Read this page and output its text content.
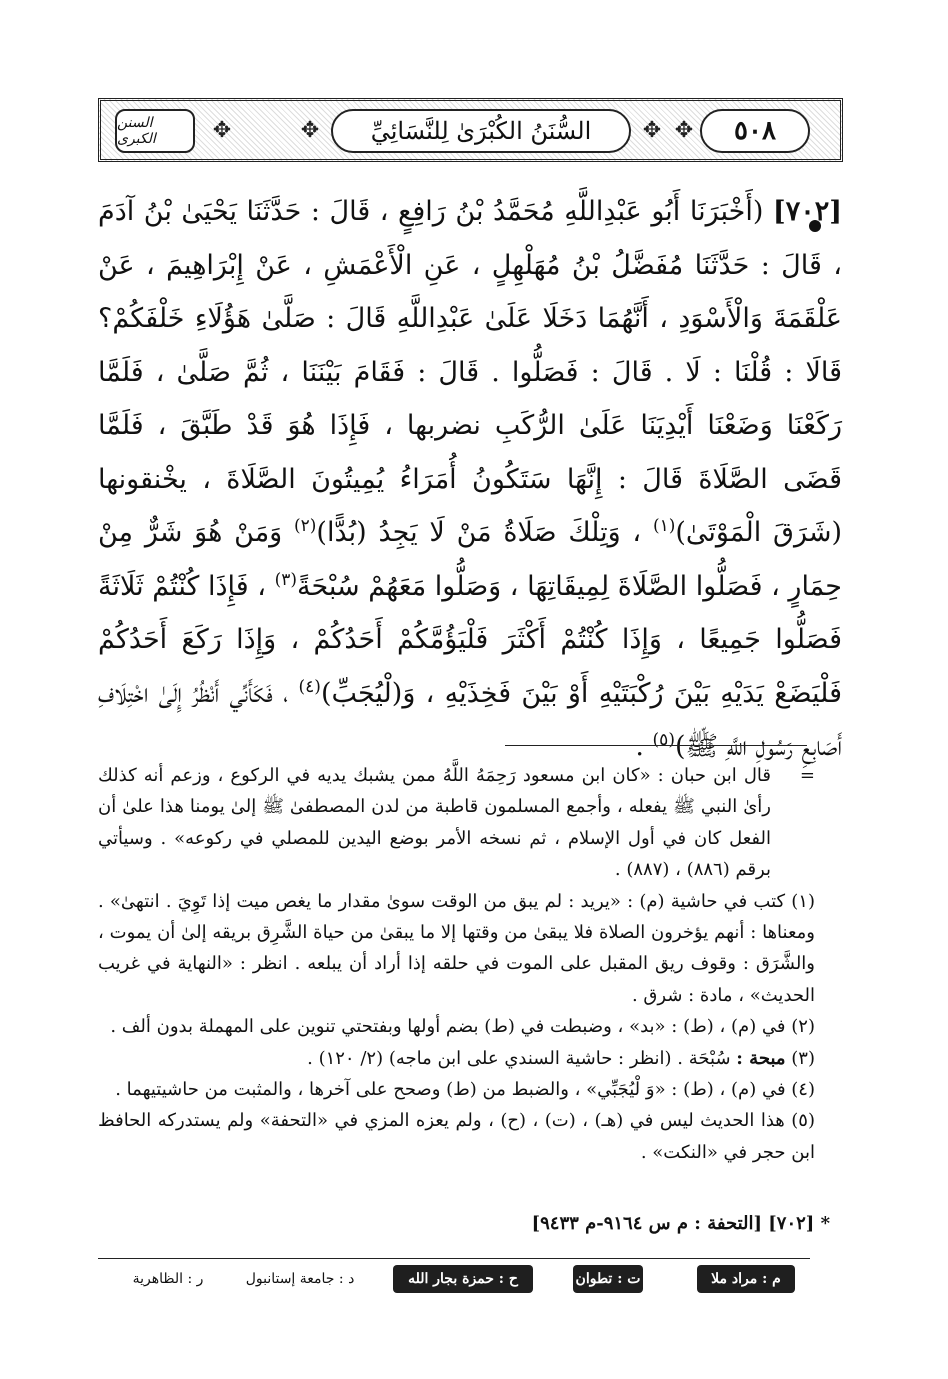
السنن الكبرى	✥	✥ السُّنَنُ الكُبْرَىٰ لِلنَّسَائِيِّ ✥ ✥ ٥٠٨

[٧٠٢] (أَخْبَرَنَا أَبُو عَبْدِاللَّهِ مُحَمَّدُ بْنُ رَافِعٍ ، قَالَ : حَدَّثَنَا يَحْيَىٰ بْنُ آدَمَ ، قَالَ : حَدَّثَنَا مُفَضَّلُ بْنُ مُهَلْهِلٍ ، عَنِ الْأَعْمَشِ ، عَنْ إِبْرَاهِيمَ ، عَنْ عَلْقَمَةَ وَالْأَسْوَدِ ، أَنَّهُمَا دَخَلَا عَلَىٰ عَبْدِاللَّهِ قَالَ : صَلَّىٰ هَؤُلَاءِ خَلْفَكُمْ؟ قَالَا : قُلْنَا : لَا . قَالَ : فَصَلُّوا . قَالَ : فَقَامَ بَيْنَنَا ، ثُمَّ صَلَّىٰ ، فَلَمَّا رَكَعْنَا وَضَعْنَا أَيْدِيَنَا عَلَىٰ الرُّكَبِ نضربها ، فَإِذَا هُوَ قَدْ طَبَّقَ ، فَلَمَّا قَضَى الصَّلَاةَ قَالَ : إِنَّهَا سَتَكُونُ أُمَرَاءُ يُمِيتُونَ الصَّلَاةَ ، يخْنقونها (شَرَقَ الْمَوْتَىٰ)$^{(١)}$ ، وَتِلْكَ صَلَاةُ مَنْ لَا يَجِدُ (بُدًّا)$^{(٢)}$ وَمَنْ هُوَ شَرٌّ مِنْ حِمَارٍ ، فَصَلُّوا الصَّلَاةَ لِمِيقَاتِهَا ، وَصَلُّوا مَعَهُمْ سُبْحَةً$^{(٣)}$ ، فَإِذَا كُنْتُمْ ثَلَاثَةً فَصَلُّوا جَمِيعًا ، وَإِذَا كُنْتُمْ أَكْثَرَ فَلْيَؤُمَّكُمْ أَحَدُكُمْ ، وَإِذَا رَكَعَ أَحَدُكُمْ فَلْيَضَعْ يَدَيْهِ بَيْنَ رُكْبَتَيْهِ أَوْ بَيْنَ فَخِذَيْهِ ، وَ(لْيُجَبِّ)$^{(٤)}$ ، فَكَأَنِّي أَنْظُرُ إِلَىٰ اخْتِلَافِ أَصَابِعِ رَسُولِ اللَّهِ ﷺ)$^{(٥)}$ .

=
قال ابن حبان : «كان ابن مسعود رَحِمَهُ اللَّهُ ممن يشبك يديه في الركوع ، وزعم أنه كذلك رأىٰ النبي ﷺ يفعله ، وأجمع المسلمون قاطبة من لدن المصطفىٰ ﷺ إلىٰ يومنا هذا علىٰ أن الفعل كان في أول الإسلام ، ثم نسخه الأمر بوضع اليدين للمصلي في ركوعه» . وسيأتي برقم (٨٨٦) ، (٨٨٧) .

(١) كتب في حاشية (م) : «يريد : لم يبق من الوقت سوىٰ مقدار ما يغص ميت إذا تَوِيَ . انتهىٰ» . ومعناها : أنهم يؤخرون الصلاة فلا يبقىٰ من وقتها إلا ما يبقىٰ من حياة الشَّرِق بريقه إلىٰ أن يموت ، والشَّرَق : وقوف ريق المقبل على الموت في حلقه إذا أراد أن يبلعه . انظر : «النهاية في غريب الحديث» ، مادة : شرق .

(٢) في (م) ، (ط) : «بد» ، وضبطت في (ط) بضم أولها وبفتحتي تنوين على المهملة بدون ألف .

(٣) مبحة : سُبْحَة . (انظر : حاشية السندي على ابن ماجه) (٢/ ١٢٠) .

(٤) في (م) ، (ط) : «وَ لْيُجَبِّي» ، والضبط من (ط) وصحح على آخرها ، والمثبت من حاشيتيهما .

(٥) هذا الحديث ليس في (هـ) ، (ت) ، (ح) ، ولم يعزه المزي في «التحفة» ولم يستدركه الحافظ ابن حجر في «النكت» .

* [٧٠٢] [التحفة : م س ٩١٦٤-م ٩٤٣٣]
م : مراد ملا
ت : تطوان
ح : حمزة بجار الله
د : جامعة إستانبول
ر : الظاهرية
